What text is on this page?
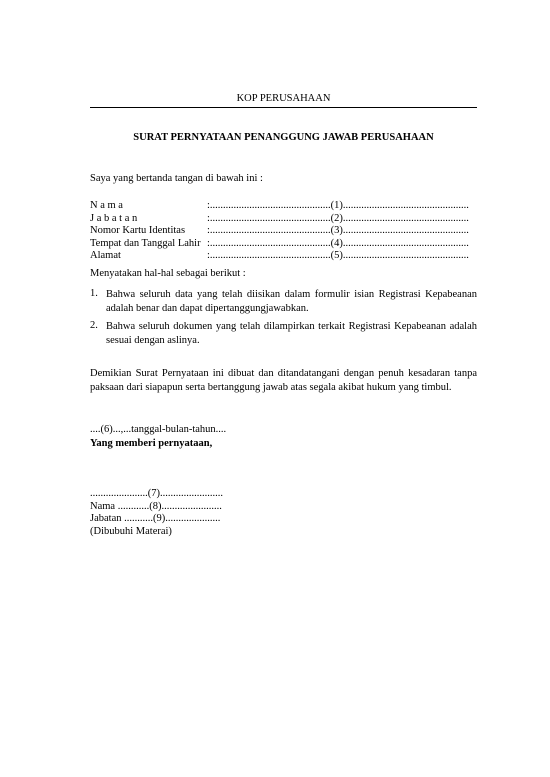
KOP PERUSAHAAN
SURAT PERNYATAAN PENANGGUNG JAWAB PERUSAHAAN
Saya yang bertanda tangan di bawah ini :
N a m a	:..............................................(1)................................................
J a b a t a n	:..............................................(2)................................................
Nomor Kartu Identitas	:..............................................(3)................................................
Tempat dan Tanggal Lahir :..............................................(4)................................................
Alamat	:..............................................(5)................................................
Menyatakan hal-hal sebagai berikut :
1. Bahwa seluruh data yang telah diisikan dalam formulir isian Registrasi Kepabeanan adalah benar dan dapat dipertanggungjawabkan.
2. Bahwa seluruh dokumen yang telah dilampirkan terkait Registrasi Kepabeanan adalah sesuai dengan aslinya.
Demikian Surat Pernyataan ini dibuat dan ditandatangani dengan penuh kesadaran tanpa paksaan dari siapapun serta bertanggung jawab atas segala akibat hukum yang timbul.
....(6)...,...tanggal-bulan-tahun....
Yang memberi pernyataan,
......................(7)........................
Nama ............(8).......................
Jabatan ...........(9).....................
(Dibubuhi Materai)
